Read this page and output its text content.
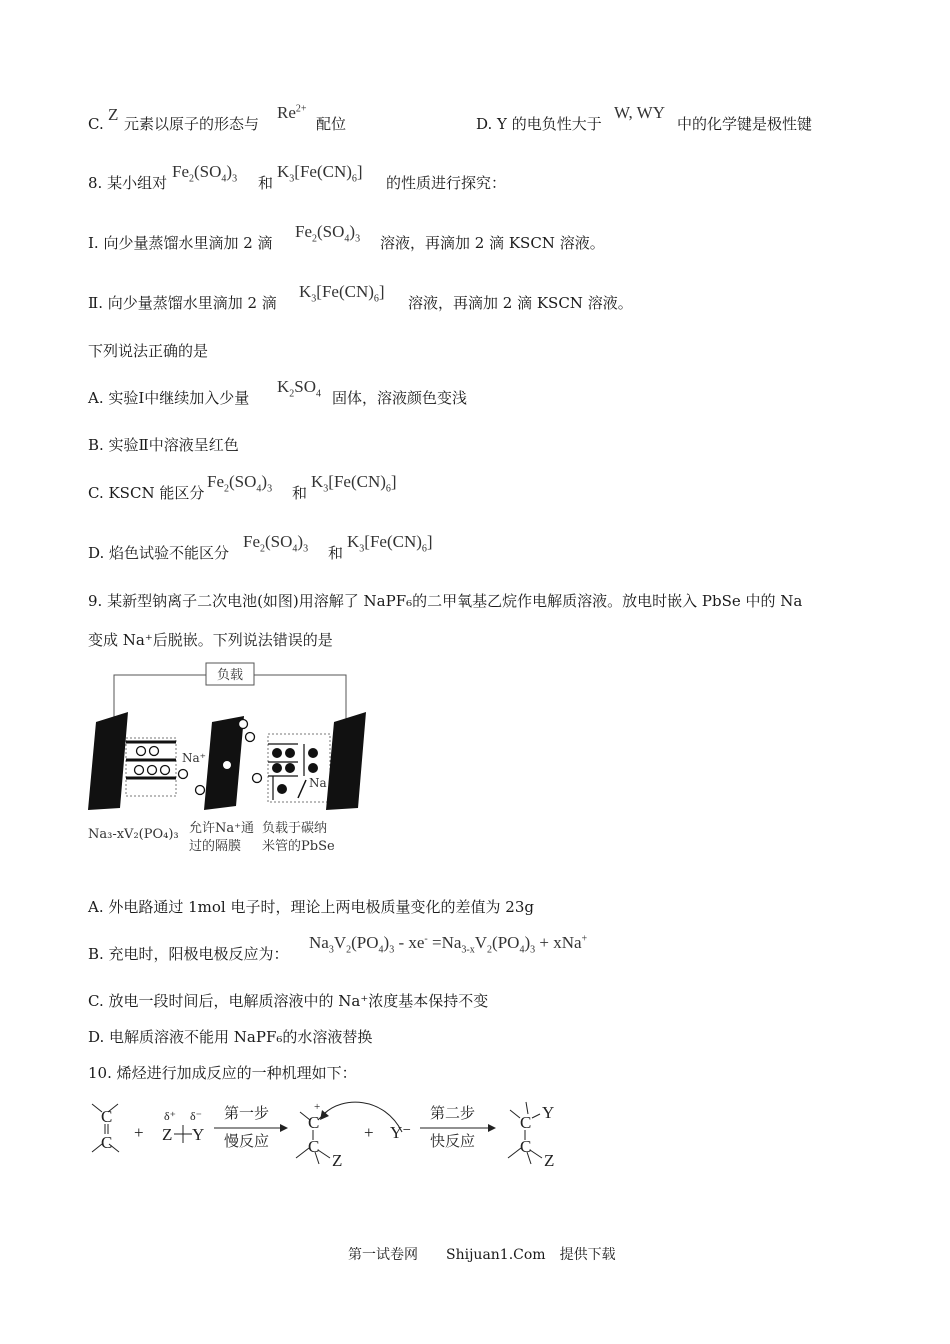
C. Z 元素以原子的形态与
$Re^{2+}$
配位	D. Y 的电负性大于
W, WY
中的化学键是极性键
8. 某小组对
$Fe_2(SO_4)_3$ 和
$K_3[Fe(CN)_6]$
的性质进行探究：
Ⅰ. 向少量蒸馏水里滴加 2 滴
$Fe_2(SO_4)_3$ 溶液，再滴加 2 滴 KSCN 溶液。
Ⅱ. 向少量蒸馏水里滴加 2 滴
$K_3[Fe(CN)_6]$
溶液，再滴加 2 滴 KSCN 溶液。
下列说法正确的是
A. 实验Ⅰ中继续加入少量
$K_2SO_4$ 固体，溶液颜色变浅
B. 实验Ⅱ中溶液呈红色
C. KSCN 能区分
$Fe_2(SO_4)_3$ 和
$K_3[Fe(CN)_6]$
D. 焰色试验不能区分
$Fe_2(SO_4)_3$ 和
$K_3[Fe(CN)_6]$
9. 某新型钠离子二次电池(如图)用溶解了 NaPF₆的二甲氧基乙烷作电解质溶液。放电时嵌入 PbSe 中的 Na
变成 Na⁺后脱嵌。下列说法错误的是
负载
Na⁺
Na
Na₃-xV₂(PO₄)₃ 允许Na⁺通
过的隔膜
负载于碳纳
米管的PbSe
A. 外电路通过 1mol 电子时，理论上两电极质量变化的差值为 23g
B. 充电时，阳极电极反应为：
$Na_3V_2(PO_4)_3 - xe^- =Na_{3-x}V_2(PO_4)_3 + xNa^+$
C. 放电一段时间后，电解质溶液中的 Na⁺浓度基本保持不变
D. 电解质溶液不能用 NaPF₆的水溶液替换
10. 烯烃进行加成反应的一种机理如下：
C
C
+
δ⁺ δ⁻
Z Y
第一步
慢反应
+
C
C
Z
+ Y⁻
第二步
快反应
C
Y
C
Z
第一试卷网　　Shijuan1.Com　提供下载
